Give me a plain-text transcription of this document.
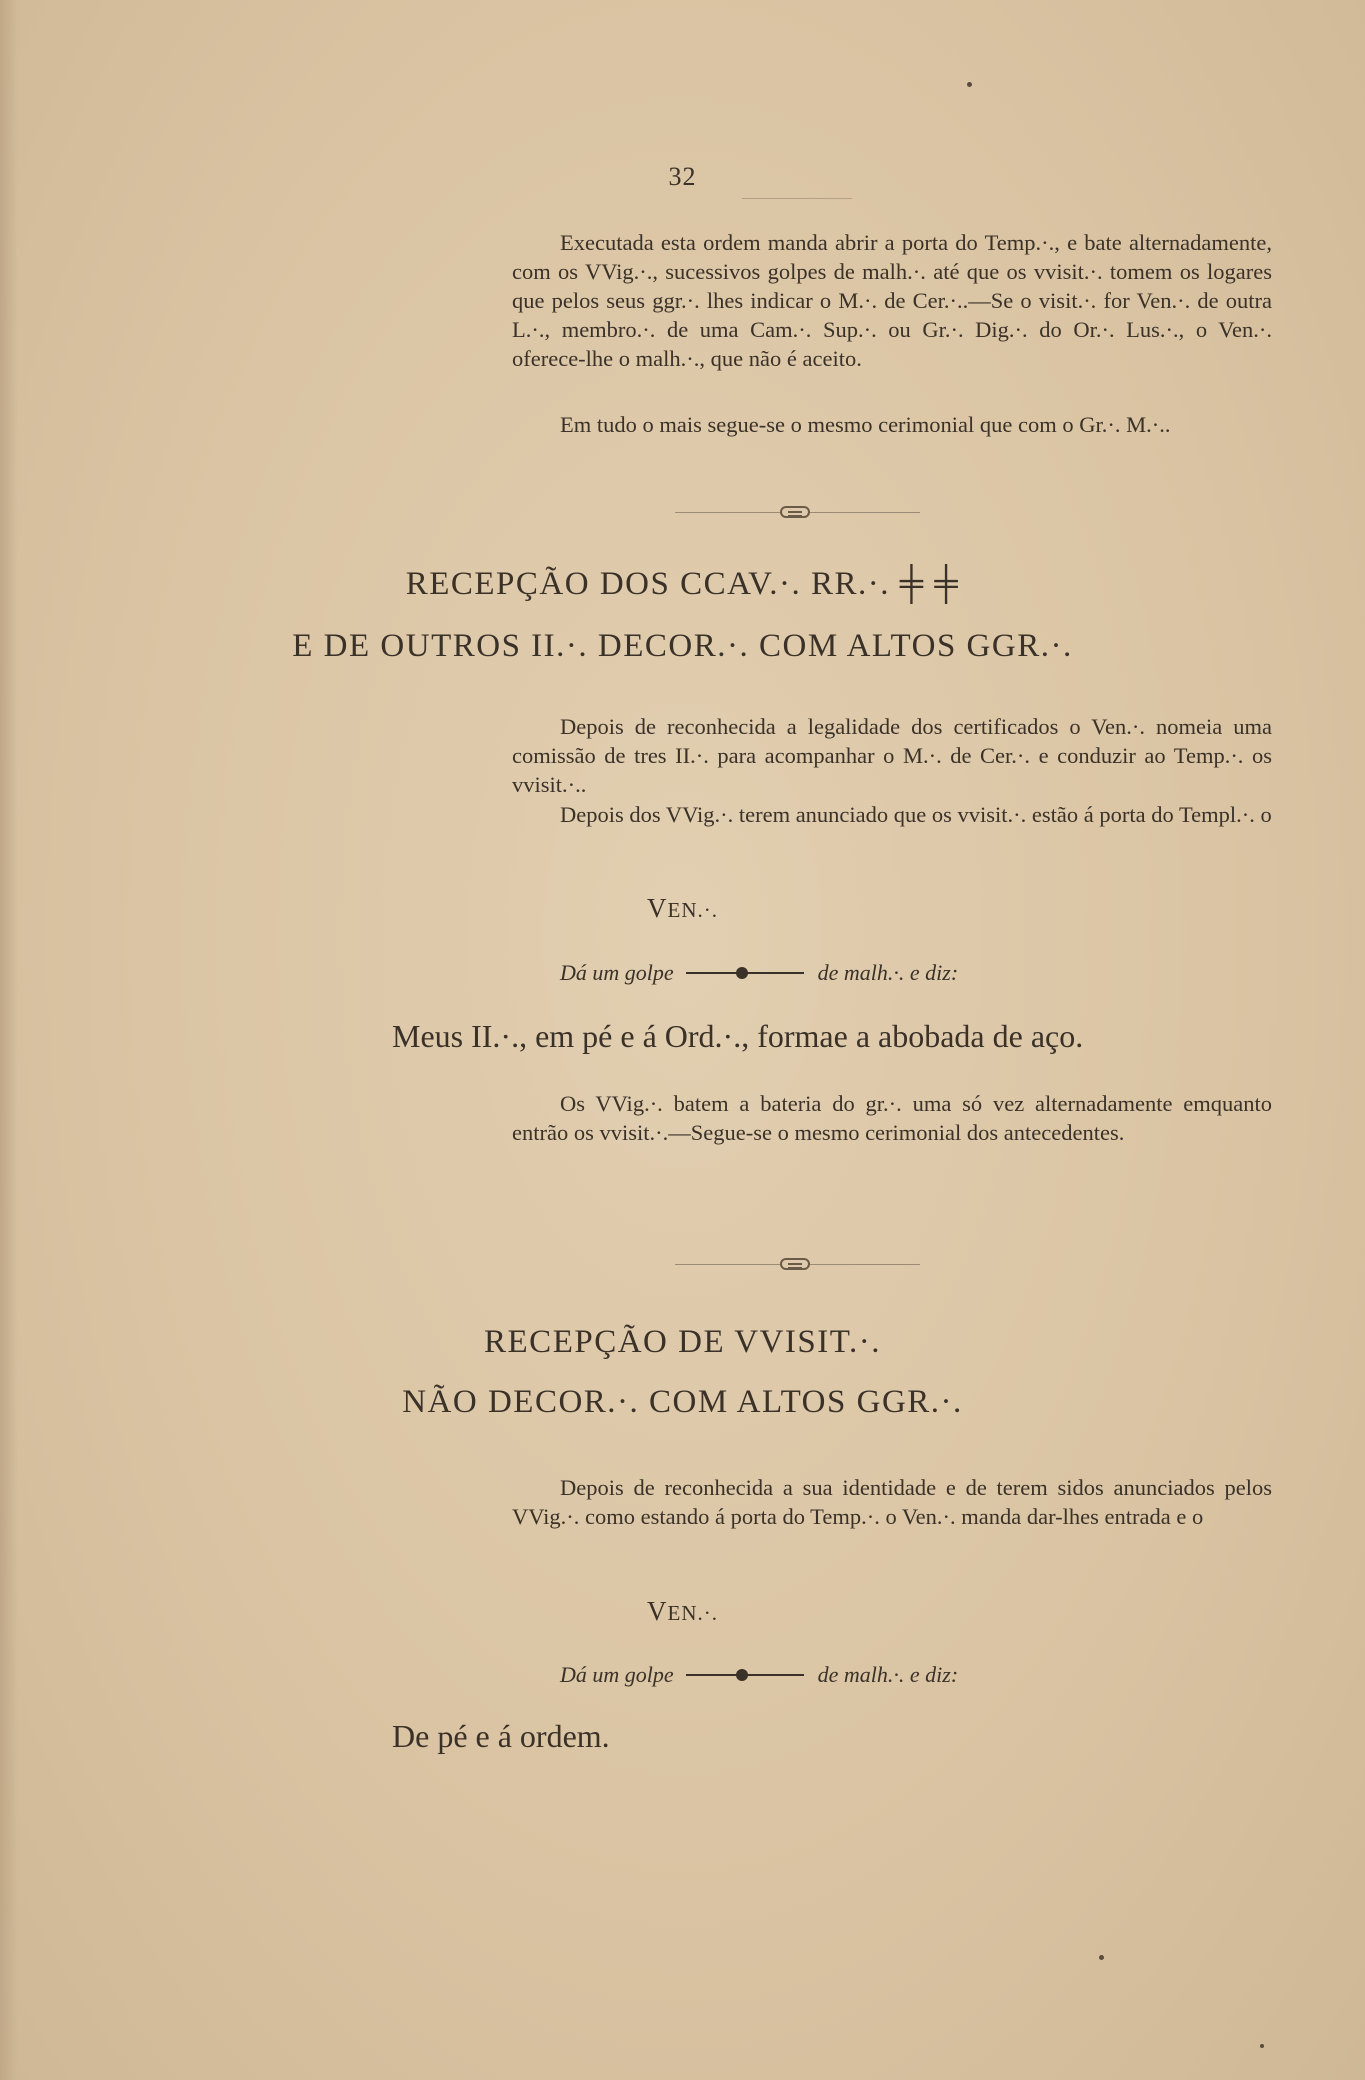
32

Executada esta ordem manda abrir a porta do Temp.·., e bate alternadamente, com os VVig.·., sucessivos golpes de malh.·. até que os vvisit.·. tomem os logares que pelos seus ggr.·. lhes indicar o M.·. de Cer.·..—Se o visit.·. for Ven.·. de outra L.·., membro.·. de uma Cam.·. Sup.·. ou Gr.·. Dig.·. do Or.·. Lus.·., o Ven.·. oferece-lhe o malh.·., que não é aceito.

Em tudo o mais segue-se o mesmo cerimonial que com o Gr.·. M.·..

RECEPÇÃO DOS CCAV.·. RR.·. ╪ ╪
E DE OUTROS II.·. DECOR.·. COM ALTOS GGR.·.

Depois de reconhecida a legalidade dos certificados o Ven.·. nomeia uma comissão de tres II.·. para acompanhar o M.·. de Cer.·. e conduzir ao Temp.·. os vvisit.·..

Depois dos VVig.·. terem anunciado que os vvisit.·. estão á porta do Templ.·. o

VEN.·.
Dá um golpe	de malh.·. e diz:
Meus II.·., em pé e á Ord.·., formae a abobada de aço.

Os VVig.·. batem a bateria do gr.·. uma só vez alternadamente emquanto entrão os vvisit.·.—Segue-se o mesmo cerimonial dos antecedentes.

RECEPÇÃO DE VVISIT.·.
NÃO DECOR.·. COM ALTOS GGR.·.

Depois de reconhecida a sua identidade e de terem sidos anunciados pelos VVig.·. como estando á porta do Temp.·. o Ven.·. manda dar-lhes entrada e o

VEN.·.
Dá um golpe	de malh.·. e diz:
De pé e á ordem.
